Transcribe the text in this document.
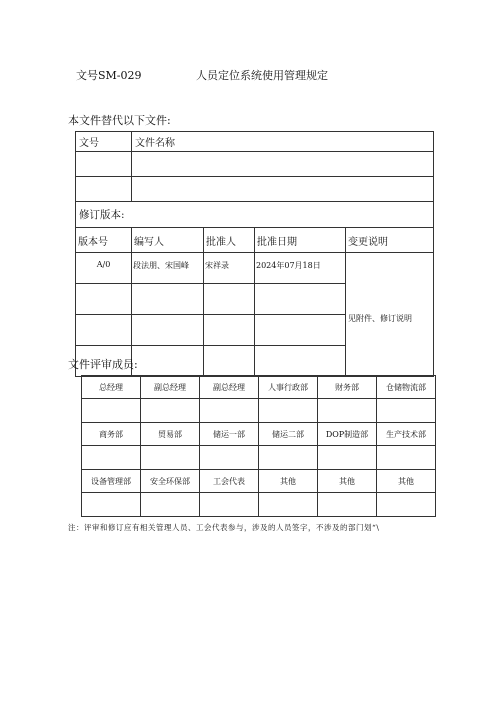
文号SM-029	人员定位系统使用管理规定
本文件替代以下文件:
文号	文件名称			

修订版本:				
版本号	编写人	批准人	批准日期	变更说明
A/0	段法朋、宋国峰	宋祥录	2024年07月18日	见附件、修订说明

文件评审成员:
总经理	副总经理	副总经理	人事行政部	财务部	仓储物流部

商务部	贸易部	储运一部	储运二部	DOP制造部	生产技术部

设备管理部	安全环保部	工会代表	其他	其他	其他

注：评审和修订应有相关管理人员、工会代表参与，涉及的人员签字，不涉及的部门划“\
